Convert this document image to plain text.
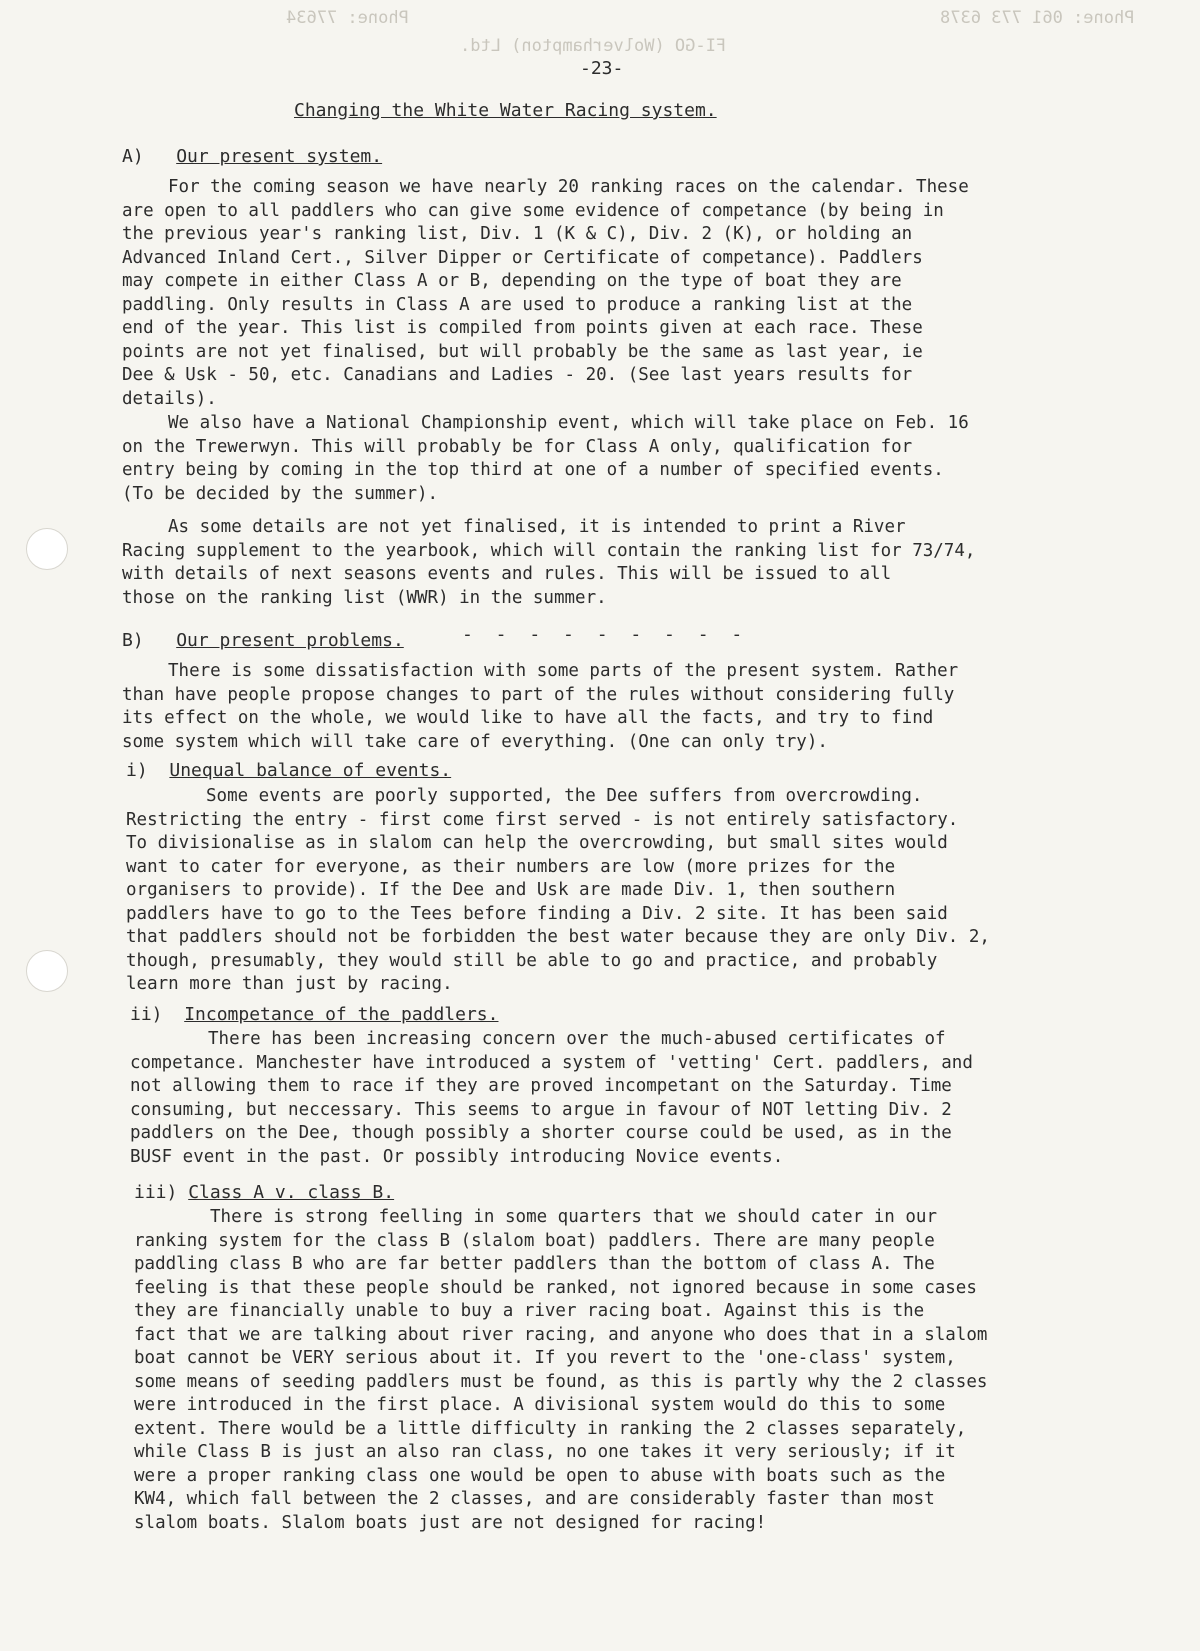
Phone: 061 773 6378
Phone: 77634
FI-GO (Wolverhampton) Ltd.
-23-
Changing the White Water Racing system.
A) Our present system.
For the coming season we have nearly 20 ranking races on the calendar. These
are open to all paddlers who can give some evidence of competance (by being in
the previous year's ranking list, Div. 1 (K & C), Div. 2 (K), or holding an
Advanced Inland Cert., Silver Dipper or Certificate of competance). Paddlers
may compete in either Class A or B, depending on the type of boat they are
paddling. Only results in Class A are used to produce a ranking list at the
end of the year. This list is compiled from points given at each race. These
points are not yet finalised, but will probably be the same as last year, ie
Dee & Usk - 50, etc. Canadians and Ladies - 20. (See last years results for
details).
We also have a National Championship event, which will take place on Feb. 16
on the Trewerwyn. This will probably be for Class A only, qualification for
entry being by coming in the top third at one of a number of specified events.
(To be decided by the summer).
As some details are not yet finalised, it is intended to print a River
Racing supplement to the yearbook, which will contain the ranking list for 73/74,
with details of next seasons events and rules. This will be issued to all
those on the ranking list (WWR) in the summer.
- - - - - - - - -
B) Our present problems.
There is some dissatisfaction with some parts of the present system. Rather
than have people propose changes to part of the rules without considering fully
its effect on the whole, we would like to have all the facts, and try to find
some system which will take care of everything. (One can only try).
i) Unequal balance of events.
Some events are poorly supported, the Dee suffers from overcrowding.
Restricting the entry - first come first served - is not entirely satisfactory.
To divisionalise as in slalom can help the overcrowding, but small sites would
want to cater for everyone, as their numbers are low (more prizes for the
organisers to provide). If the Dee and Usk are made Div. 1, then southern
paddlers have to go to the Tees before finding a Div. 2 site. It has been said
that paddlers should not be forbidden the best water because they are only Div. 2,
though, presumably, they would still be able to go and practice, and probably
learn more than just by racing.
ii) Incompetance of the paddlers.
There has been increasing concern over the much-abused certificates of
competance. Manchester have introduced a system of 'vetting' Cert. paddlers, and
not allowing them to race if they are proved incompetant on the Saturday. Time
consuming, but neccessary. This seems to argue in favour of NOT letting Div. 2
paddlers on the Dee, though possibly a shorter course could be used, as in the
BUSF event in the past. Or possibly introducing Novice events.
iii) Class A v. class B.
There is strong feelling in some quarters that we should cater in our
ranking system for the class B (slalom boat) paddlers. There are many people
paddling class B who are far better paddlers than the bottom of class A. The
feeling is that these people should be ranked, not ignored because in some cases
they are financially unable to buy a river racing boat. Against this is the
fact that we are talking about river racing, and anyone who does that in a slalom
boat cannot be VERY serious about it. If you revert to the 'one-class' system,
some means of seeding paddlers must be found, as this is partly why the 2 classes
were introduced in the first place. A divisional system would do this to some
extent. There would be a little difficulty in ranking the 2 classes separately,
while Class B is just an also ran class, no one takes it very seriously; if it
were a proper ranking class one would be open to abuse with boats such as the
KW4, which fall between the 2 classes, and are considerably faster than most
slalom boats. Slalom boats just are not designed for racing!
